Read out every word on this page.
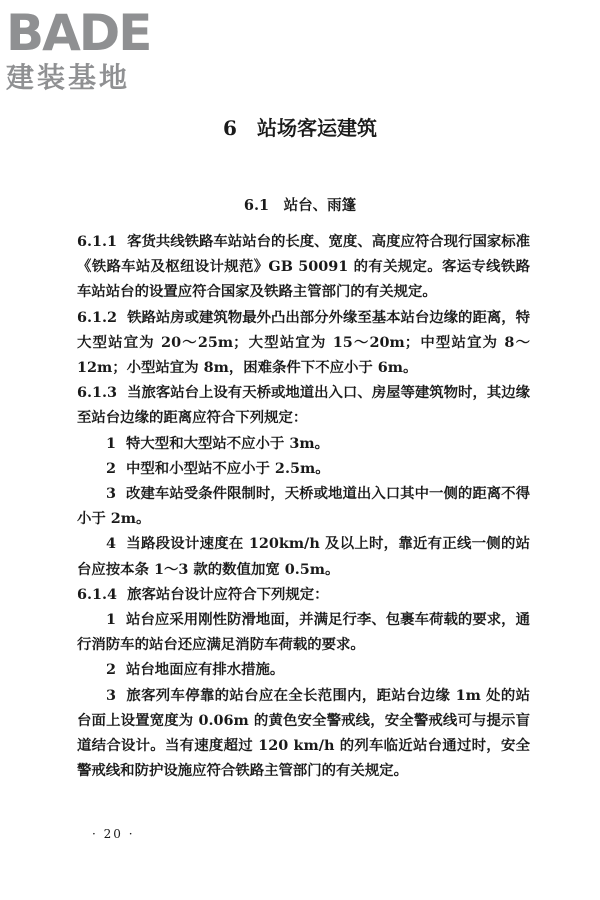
BADE
建装基地
6　站场客运建筑
6.1　站台、雨篷

6.1.1 客货共线铁路车站站台的长度、宽度、高度应符合现行国家标准《铁路车站及枢纽设计规范》GB 50091 的有关规定。客运专线铁路车站站台的设置应符合国家及铁路主管部门的有关规定。

6.1.2 铁路站房或建筑物最外凸出部分外缘至基本站台边缘的距离，特大型站宜为 20～25m；大型站宜为 15～20m；中型站宜为 8～12m；小型站宜为 8m，困难条件下不应小于 6m。

6.1.3 当旅客站台上设有天桥或地道出入口、房屋等建筑物时，其边缘至站台边缘的距离应符合下列规定：

1 特大型和大型站不应小于 3m。

2 中型和小型站不应小于 2.5m。

3 改建车站受条件限制时，天桥或地道出入口其中一侧的距离不得小于 2m。

4 当路段设计速度在 120km/h 及以上时，靠近有正线一侧的站台应按本条 1～3 款的数值加宽 0.5m。

6.1.4 旅客站台设计应符合下列规定：

1 站台应采用刚性防滑地面，并满足行李、包裹车荷载的要求，通行消防车的站台还应满足消防车荷载的要求。

2 站台地面应有排水措施。

3 旅客列车停靠的站台应在全长范围内，距站台边缘 1m 处的站台面上设置宽度为 0.06m 的黄色安全警戒线，安全警戒线可与提示盲道结合设计。当有速度超过 120 km/h 的列车临近站台通过时，安全警戒线和防护设施应符合铁路主管部门的有关规定。

· 20 ·
